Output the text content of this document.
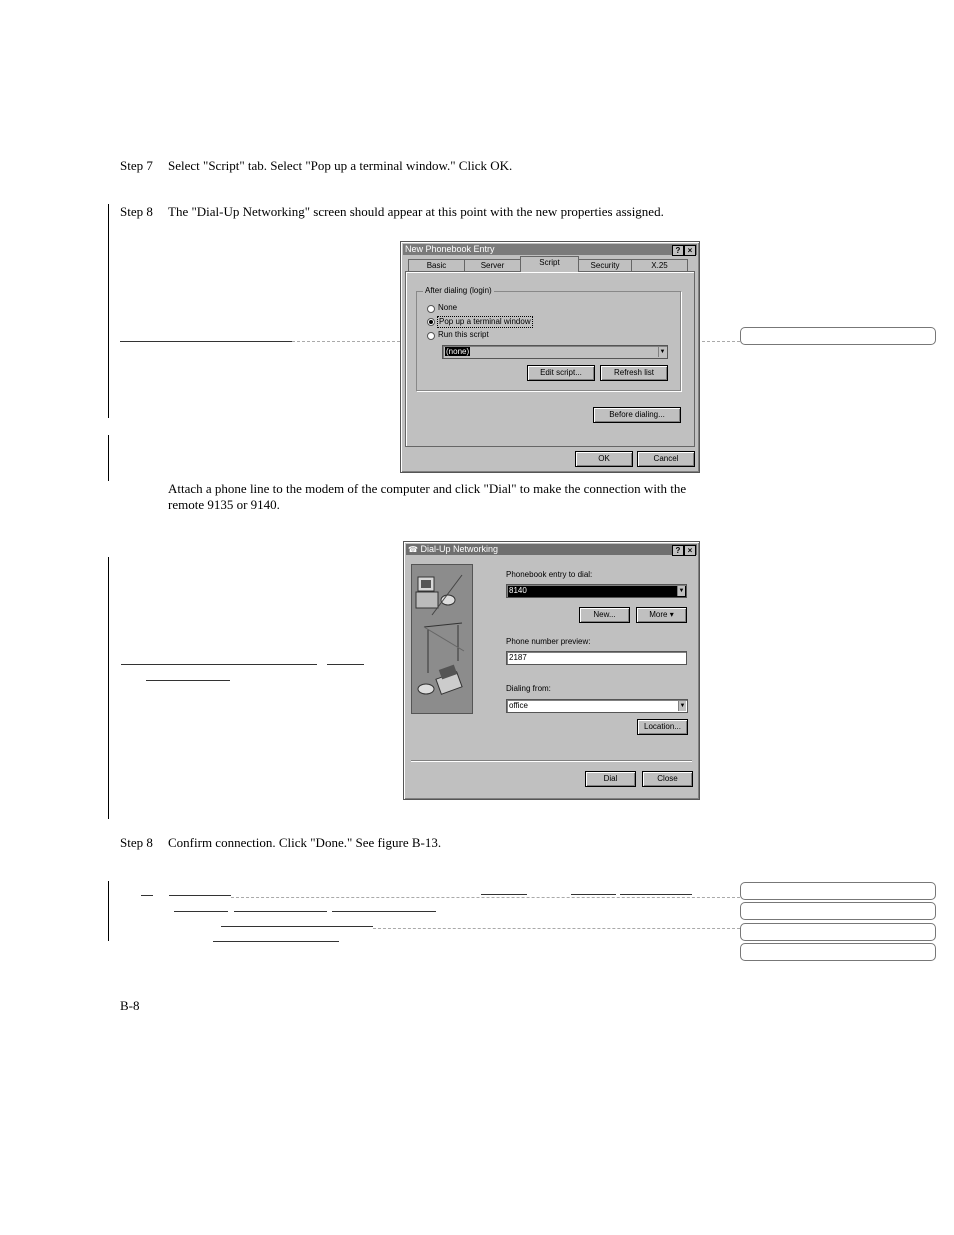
Step 7 Select "Script" tab. Select "Pop up a terminal window." Click OK.
Step 8 The "Dial-Up Networking" screen should appear at this point with the new properties assigned.
New Phonebook Entry	? ×
Basic	Server	Script	Security	X.25
After dialing (login)
None
Pop up a terminal window
Run this script
(none)	▼
Edit script...	Refresh list
Before dialing...
OK	Cancel
Attach a phone line to the modem of the computer and click "Dial" to make the connection with the remote 9135 or 9140.
☎ Dial-Up Networking	? ×
Phonebook entry to dial:
8140	▼
New...	More ▾
Phone number preview:
2187
Dialing from:
office	▼
Location...
Dial	Close
Step 8 Confirm connection. Click "Done." See figure B-13.
B-8
